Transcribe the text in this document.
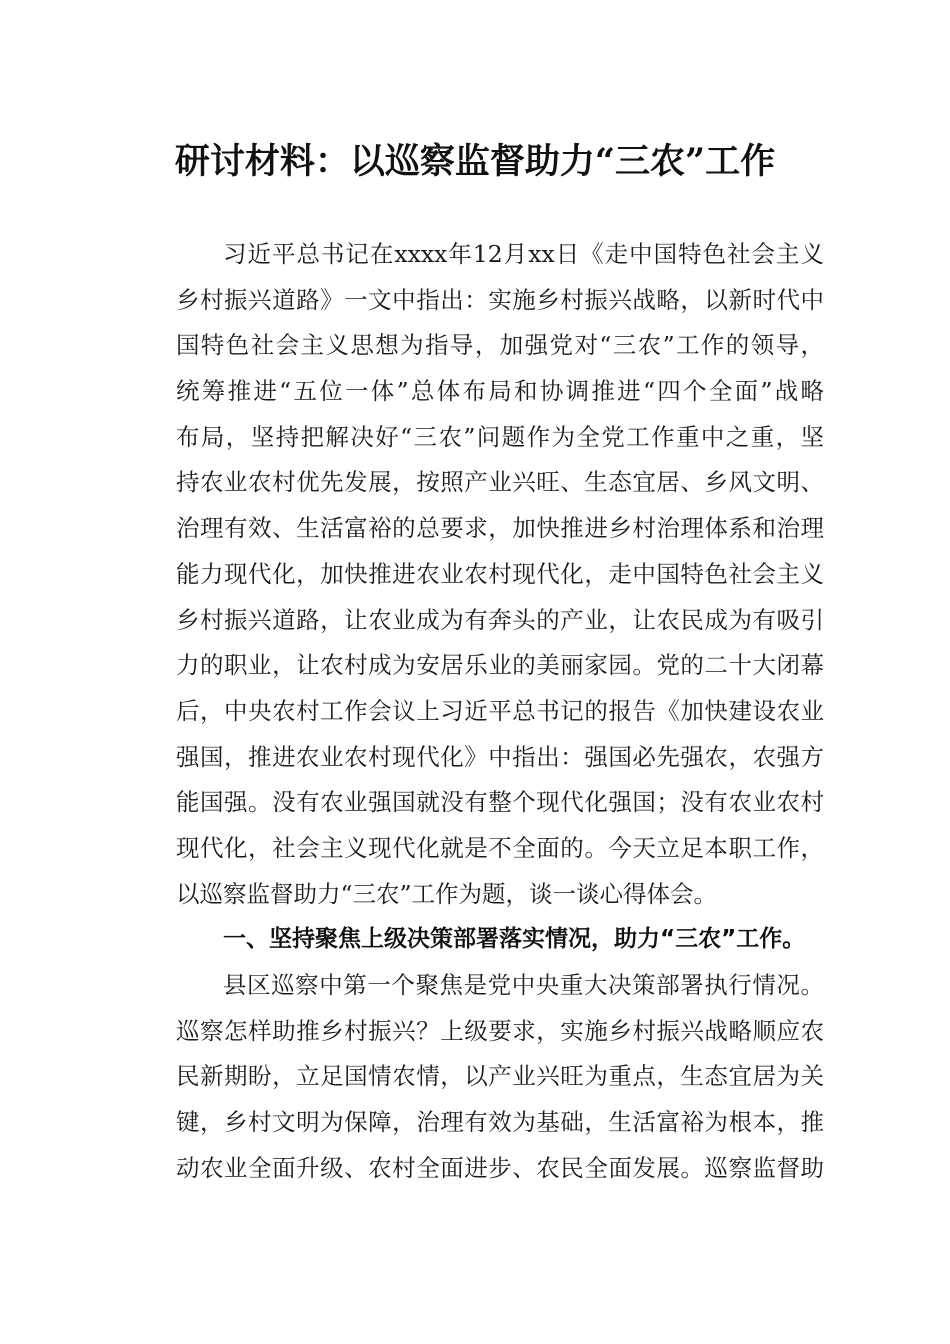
研讨材料：以巡察监督助力“三农”工作
习近平总书记在xxxx年12月xx日《走中国特色社会主义
乡村振兴道路》一文中指出：实施乡村振兴战略，以新时代中
国特色社会主义思想为指导，加强党对“三农”工作的领导，
统筹推进“五位一体”总体布局和协调推进“四个全面”战略
布局，坚持把解决好“三农”问题作为全党工作重中之重，坚
持农业农村优先发展，按照产业兴旺、生态宜居、乡风文明、
治理有效、生活富裕的总要求，加快推进乡村治理体系和治理
能力现代化，加快推进农业农村现代化，走中国特色社会主义
乡村振兴道路，让农业成为有奔头的产业，让农民成为有吸引
力的职业，让农村成为安居乐业的美丽家园。党的二十大闭幕
后，中央农村工作会议上习近平总书记的报告《加快建设农业
强国，推进农业农村现代化》中指出：强国必先强农，农强方
能国强。没有农业强国就没有整个现代化强国；没有农业农村
现代化，社会主义现代化就是不全面的。今天立足本职工作，
以巡察监督助力“三农”工作为题，谈一谈心得体会。
一、坚持聚焦上级决策部署落实情况，助力“三农”工作。
县区巡察中第一个聚焦是党中央重大决策部署执行情况。
巡察怎样助推乡村振兴？上级要求，实施乡村振兴战略顺应农
民新期盼，立足国情农情，以产业兴旺为重点，生态宜居为关
键，乡村文明为保障，治理有效为基础，生活富裕为根本，推
动农业全面升级、农村全面进步、农民全面发展。巡察监督助
